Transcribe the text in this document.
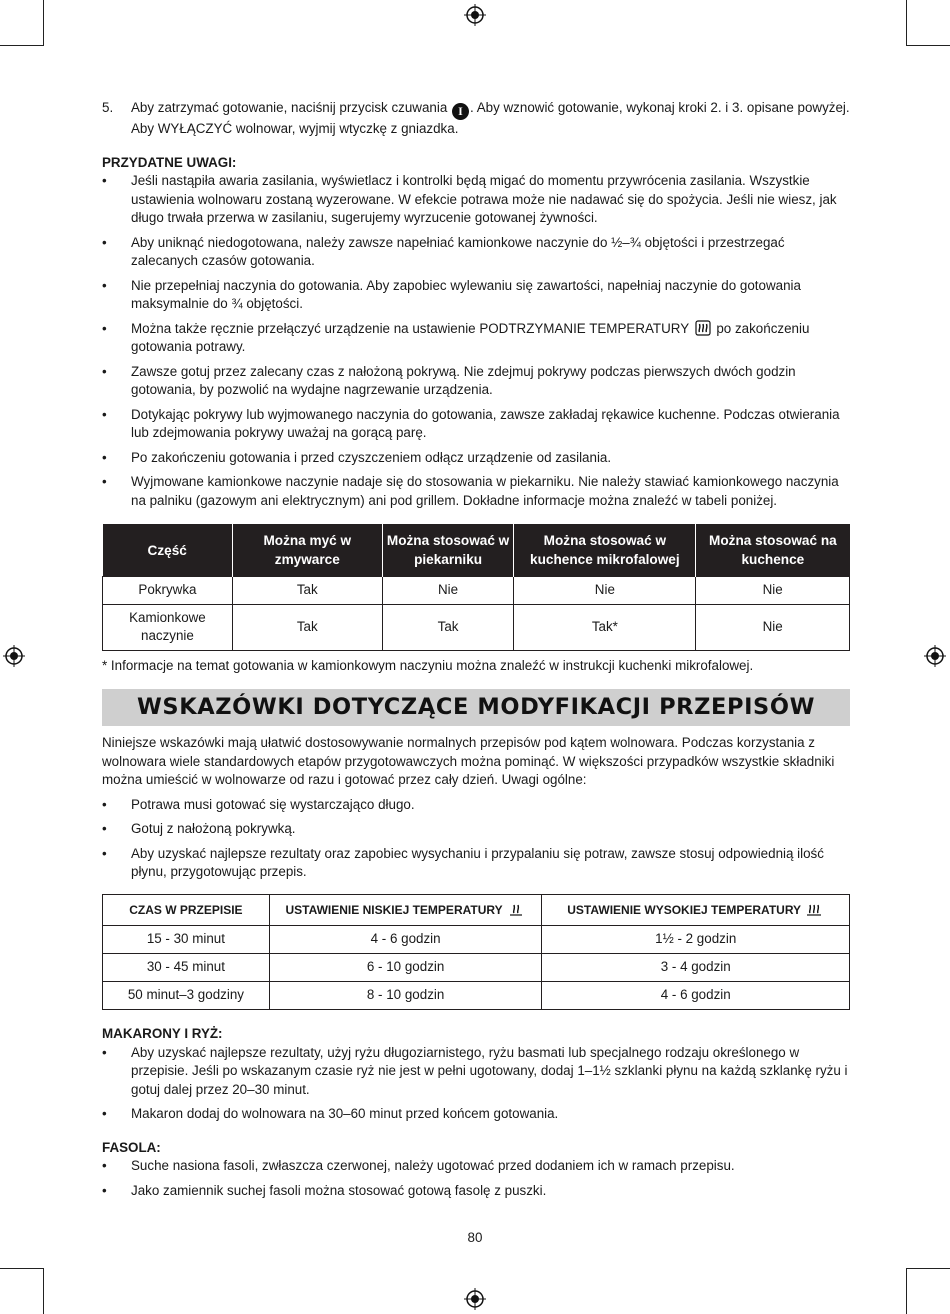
5.	Aby zatrzymać gotowanie, naciśnij przycisk czuwania I . Aby wznowić gotowanie, wykonaj kroki 2. i 3. opisane powyżej. Aby WYŁĄCZYĆ wolnowar, wyjmij wtyczkę z gniazdka.
PRZYDATNE UWAGI:
• Jeśli nastąpiła awaria zasilania, wyświetlacz i kontrolki będą migać do momentu przywrócenia zasilania. Wszystkie ustawienia wolnowaru zostaną wyzerowane. W efekcie potrawa może nie nadawać się do spożycia. Jeśli nie wiesz, jak długo trwała przerwa w zasilaniu, sugerujemy wyrzucenie gotowanej żywności.
• Aby uniknąć niedogotowana, należy zawsze napełniać kamionkowe naczynie do ½–¾ objętości i przestrzegać zalecanych czasów gotowania.
• Nie przepełniaj naczynia do gotowania. Aby zapobiec wylewaniu się zawartości, napełniaj naczynie do gotowania maksymalnie do ¾ objętości.
• Można także ręcznie przełączyć urządzenie na ustawienie PODTRZYMANIE TEMPERATURY  po zakończeniu gotowania potrawy.
• Zawsze gotuj przez zalecany czas z nałożoną pokrywą. Nie zdejmuj pokrywy podczas pierwszych dwóch godzin gotowania, by pozwolić na wydajne nagrzewanie urządzenia.
• Dotykając pokrywy lub wyjmowanego naczynia do gotowania, zawsze zakładaj rękawice kuchenne. Podczas otwierania lub zdejmowania pokrywy uważaj na gorącą parę.
• Po zakończeniu gotowania i przed czyszczeniem odłącz urządzenie od zasilania.
• Wyjmowane kamionkowe naczynie nadaje się do stosowania w piekarniku. Nie należy stawiać kamionkowego naczynia na palniku (gazowym ani elektrycznym) ani pod grillem. Dokładne informacje można znaleźć w tabeli poniżej.
Część	Można myć w zmywarce	Można stosować w piekarniku	Można stosować w kuchence mikrofalowej	Można stosować na kuchence
Pokrywka	Tak	Nie	Nie	Nie

Kamionkowe naczynie	Tak	Tak	Tak*	Nie
* Informacje na temat gotowania w kamionkowym naczyniu można znaleźć w instrukcji kuchenki mikrofalowej.
WSKAZÓWKI DOTYCZĄCE MODYFIKACJI PRZEPISÓW
Niniejsze wskazówki mają ułatwić dostosowywanie normalnych przepisów pod kątem wolnowara. Podczas korzystania z wolnowara wiele standardowych etapów przygotowawczych można pominąć. W większości przypadków wszystkie składniki można umieścić w wolnowarze od razu i gotować przez cały dzień. Uwagi ogólne:
• Potrawa musi gotować się wystarczająco długo.
• Gotuj z nałożoną pokrywką.
• Aby uzyskać najlepsze rezultaty oraz zapobiec wysychaniu i przypalaniu się potraw, zawsze stosuj odpowiednią ilość płynu, przygotowując przepis.
CZAS W PRZEPISIE	USTAWIENIE NISKIEJ TEMPERATURY	USTAWIENIE WYSOKIEJ TEMPERATURY
15 - 30 minut	4 - 6 godzin	1½ - 2 godzin
30 - 45 minut	6 - 10 godzin	3 - 4 godzin
50 minut–3 godziny	8 - 10 godzin	4 - 6 godzin
MAKARONY I RYŻ:
• Aby uzyskać najlepsze rezultaty, użyj ryżu długoziarnistego, ryżu basmati lub specjalnego rodzaju określonego w przepisie. Jeśli po wskazanym czasie ryż nie jest w pełni ugotowany, dodaj 1–1½ szklanki płynu na każdą szklankę ryżu i gotuj dalej przez 20–30 minut.
• Makaron dodaj do wolnowara na 30–60 minut przed końcem gotowania.
FASOLA:
• Suche nasiona fasoli, zwłaszcza czerwonej, należy ugotować przed dodaniem ich w ramach przepisu.
• Jako zamiennik suchej fasoli można stosować gotową fasolę z puszki.
80
